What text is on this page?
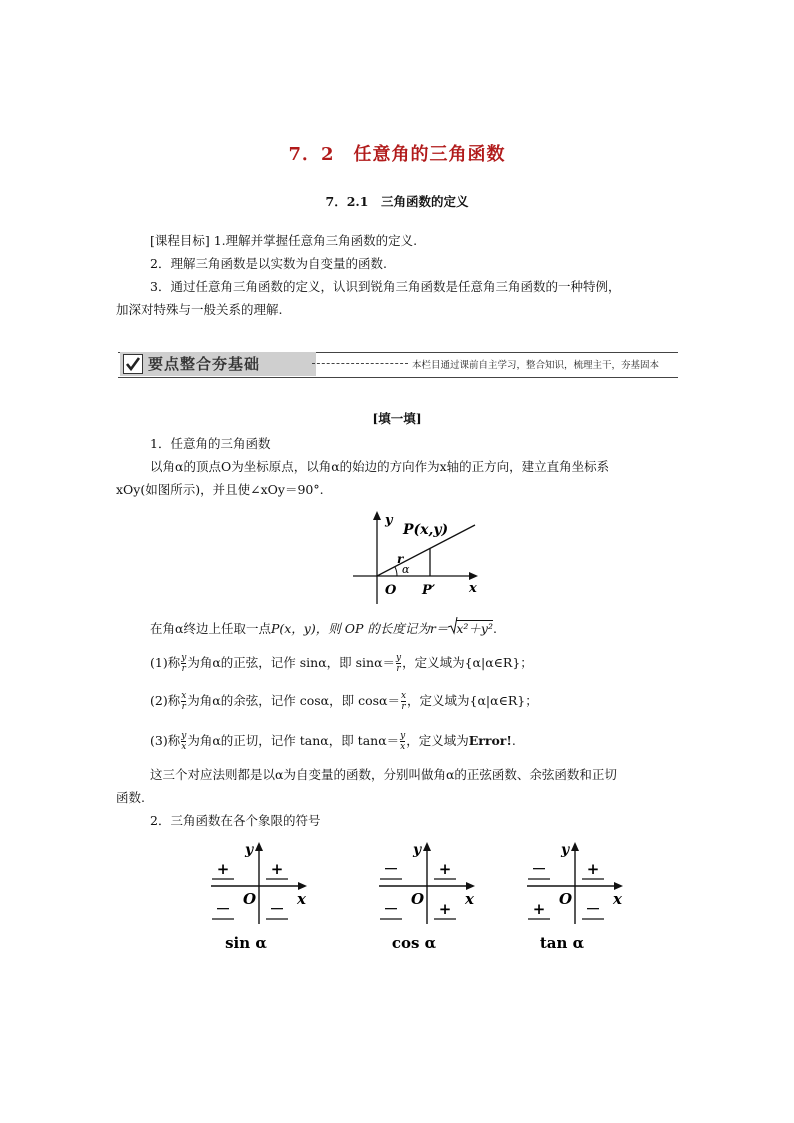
7．2　任意角的三角函数
7．2.1　三角函数的定义
[课程目标] 1.理解并掌握任意角三角函数的定义.
2．理解三角函数是以实数为自变量的函数.
3．通过任意角三角函数的定义，认识到锐角三角函数是任意角三角函数的一种特例，
加深对特殊与一般关系的理解.
要点整合夯基础	本栏目通过课前自主学习，整合知识，梳理主干，夯基固本
[填一填]
1．任意角的三角函数
以角α的顶点O为坐标原点，以角α的始边的方向作为x轴的正方向，建立直角坐标系
xOy(如图所示)，并且使∠xOy＝90°.
y
P(x,y)
r
α
O P′	x
在角α终边上任取一点P(x，y)，则 OP 的长度记为r＝ x²＋y².
(1)称 $\frac{y}{r}$ 为角α的正弦，记作 sinα，即 $\sin\alpha= \frac{y}{r}$ ，定义域为{α|α∈R}；
(2)称 $\frac{x}{r}$ 为角α的余弦，记作 cosα，即 $\cos\alpha= \frac{x}{r}$ ，定义域为{α|α∈R}；
(3)称 $\frac{y}{x}$ 为角α的正切，记作 tanα，即 $\tan\alpha= \frac{y}{x}$ ，定义域为Error!.
这三个对应法则都是以α为自变量的函数，分别叫做角α的正弦函数、余弦函数和正切
函数.
2．三角函数在各个象限的符号
y
x
O
+
+
－	－
sin α
y
x
O
+
－
－	+
cos α
y
x
O
+
－
+	－
tan α
